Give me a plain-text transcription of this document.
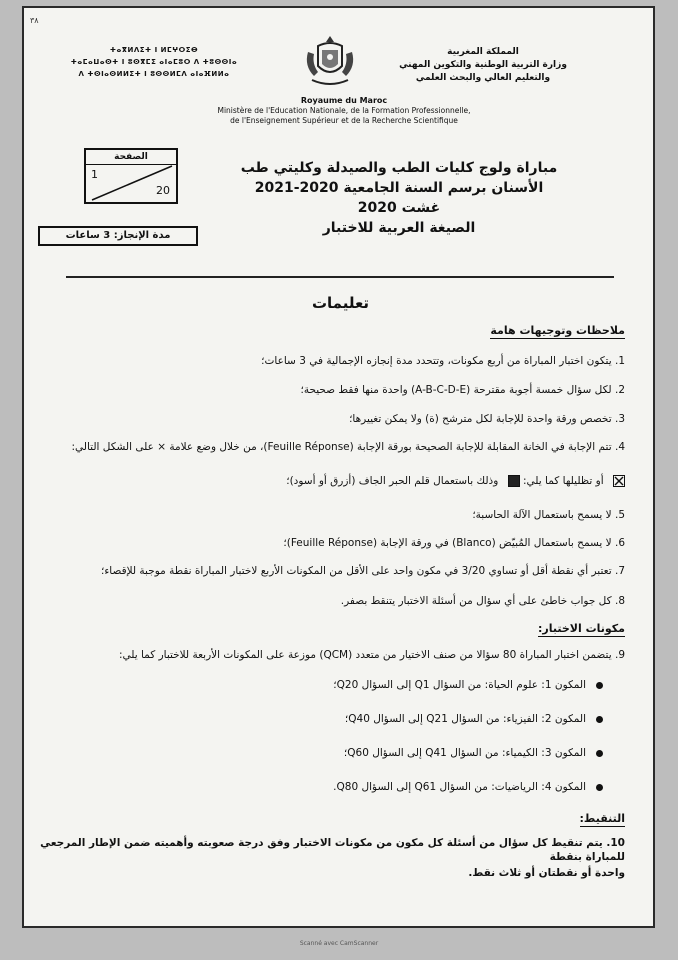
٣٨
ⵜⴰⴳⵍⴷⵉⵜ ⵏ ⵍⵎⵖⵔⵉⴱ
ⵜⴰⵎⴰⵡⴰⵙⵜ ⵏ ⵓⵙⴳⵎⵉ ⴰⵏⴰⵎⵓⵔ ⴷ ⵜⵓⵙⵙⵏⴰ
ⴷ ⵜⵙⵏⴰⵙⵍⵍⵉⵜ ⵏ ⵓⵙⵙⵍⵎⴷ ⴰⵏⴰⴼⵍⵍⴰ
المملكة المغربية
وزارة التربية الوطنية والتكوين المهني
والتعليم العالي والبحث العلمي
Royaume du Maroc
Ministère de l'Education Nationale, de la Formation Professionnelle,
de l'Enseignement Supérieur et de la Recherche Scientifique
الصفحة
1
20
مدة الإنجاز: 3 ساعات
مباراة ولوج كليات الطب والصيدلة وكليتي طب
الأسنان برسم السنة الجامعية 2020-2021
غشت 2020
الصيغة العربية للاختبار
تعليمات
ملاحظات وتوجيهات هامة
1. يتكون اختبار المباراة من أربع مكونات، وتتحدد مدة إنجازه الإجمالية في 3 ساعات؛
2. لكل سؤال خمسة أجوبة مقترحة (A-B-C-D-E) واحدة منها فقط صحيحة؛
3. تخصص ورقة واحدة للإجابة لكل مترشح (ة) ولا يمكن تغييرها؛
4. تتم الإجابة في الخانة المقابلة للإجابة الصحيحة بورقة الإجابة (Feuille Réponse)، من خلال وضع علامة × على الشكل التالي:
أو تظليلها كما يلي:  وذلك باستعمال قلم الحبر الجاف (أزرق أو أسود)؛
5. لا يسمح باستعمال الآلة الحاسبة؛
6. لا يسمح باستعمال المُبيّض (Blanco) في ورقة الإجابة (Feuille Réponse)؛
7. تعتبر أي نقطة أقل أو تساوي 3/20 في مكون واحد على الأقل من المكونات الأربع لاختبار المباراة نقطة موجبة للإقصاء؛
8. كل جواب خاطئ على أي سؤال من أسئلة الاختبار يتنقط بصفر.
مكونات الاختبار:
9. يتضمن اختبار المباراة 80 سؤالا من صنف الاختيار من متعدد (QCM) موزعة على المكونات الأربعة للاختبار كما يلي:
المكون 1: علوم الحياة: من السؤال Q1 إلى السؤال Q20؛
المكون 2: الفيزياء: من السؤال Q21 إلى السؤال Q40؛
المكون 3: الكيمياء: من السؤال Q41 إلى السؤال Q60؛
المكون 4: الرياضيات: من السؤال Q61 إلى السؤال Q80.
التنقيط:
10. يتم تنقيط كل سؤال من أسئلة كل مكون من مكونات الاختبار وفق درجة صعوبته وأهميته ضمن الإطار المرجعي للمباراة بنقطة
واحدة أو نقطتان أو ثلاث نقط.
Scanné avec CamScanner
